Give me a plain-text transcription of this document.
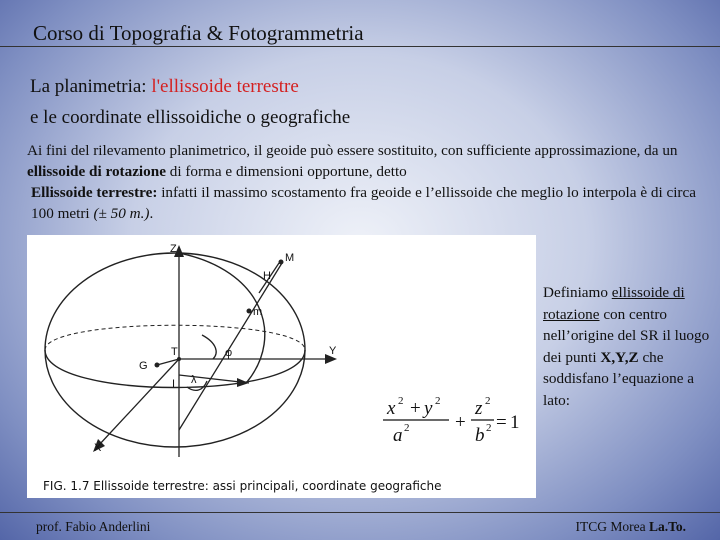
Corso di Topografia & Fotogrammetria
La planimetria: l'ellissoide terrestre
e le coordinate ellissoidiche o geografiche

Ai fini del rilevamento planimetrico, il geoide può essere sostituito, con sufficiente approssimazione, da un ellissoide di rotazione di forma e dimensioni opportune, detto

Ellissoide terrestre: infatti il massimo scostamento fra geoide e l’ellissoide che meglio lo interpola è di circa 100 metri (± 50 m.).

Z
H
M
m
T	φ	Y
G
I λ
X
x 2 + y 2
a 2 +
z 2
b 2 = 1
FIG. 1.7 Ellissoide terrestre: assi principali, coordinate geografiche
Definiamo ellissoide di rotazione con centro nell’origine del SR il luogo dei punti X,Y,Z che soddisfano l’equazione a lato:
prof. Fabio Anderlini	ITCG Morea La.To.
